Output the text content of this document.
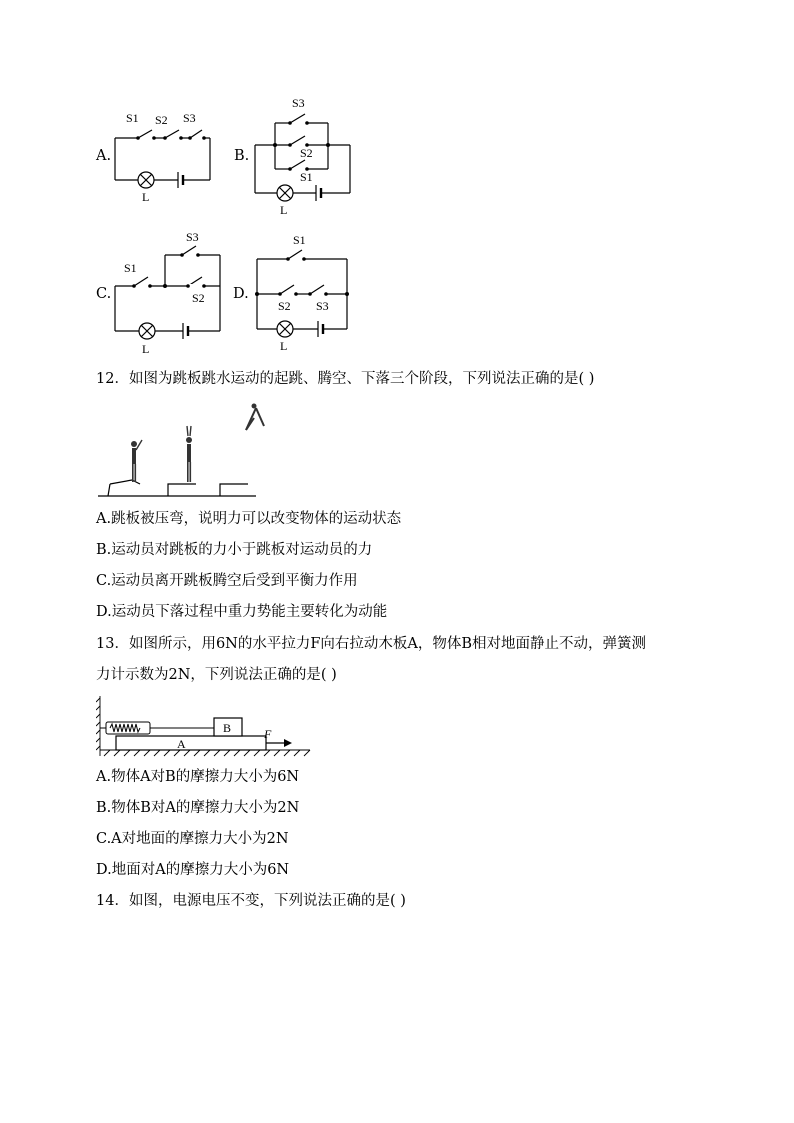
A.
S1 S2 S3
L
B.
S3
S2
S1
L
C.
S1
S3
S2
L
D.
S1
S2 S3
L
12．如图为跳板跳水运动的起跳、腾空、下落三个阶段，下列说法正确的是( )
A.跳板被压弯，说明力可以改变物体的运动状态
B.运动员对跳板的力小于跳板对运动员的力
C.运动员离开跳板腾空后受到平衡力作用
D.运动员下落过程中重力势能主要转化为动能
13．如图所示，用6N的水平拉力F向右拉动木板A，物体B相对地面静止不动，弹簧测
力计示数为2N，下列说法正确的是( )
A
B	F
A.物体A对B的摩擦力大小为6N
B.物体B对A的摩擦力大小为2N
C.A对地面的摩擦力大小为2N
D.地面对A的摩擦力大小为6N
14．如图，电源电压不变，下列说法正确的是( )
